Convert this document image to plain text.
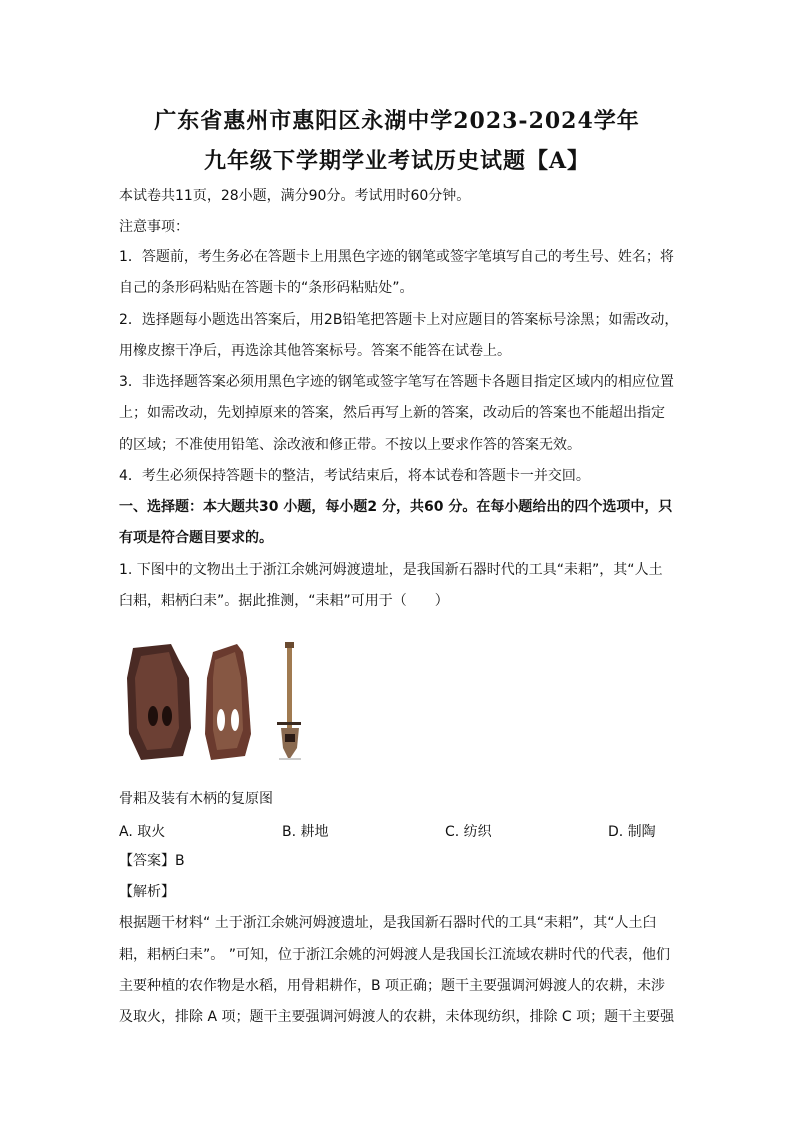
广东省惠州市惠阳区永湖中学2023-2024学年
九年级下学期学业考试历史试题【A】
本试卷共11页，28小题，满分90分。考试用时60分钟。
注意事项：
1．答题前，考生务必在答题卡上用黑色字迹的钢笔或签字笔填写自己的考生号、姓名；将
自己的条形码粘贴在答题卡的“条形码粘贴处”。
2．选择题每小题选出答案后，用2B铅笔把答题卡上对应题目的答案标号涂黑；如需改动，
用橡皮擦干净后，再选涂其他答案标号。答案不能答在试卷上。
3．非选择题答案必须用黑色字迹的钢笔或签字笔写在答题卡各题目指定区域内的相应位置
上；如需改动，先划掉原来的答案，然后再写上新的答案，改动后的答案也不能超出指定
的区域；不准使用铅笔、涂改液和修正带。不按以上要求作答的答案无效。
4．考生必须保持答题卡的整洁，考试结束后，将本试卷和答题卡一并交回。
一、选择题：本大题共30 小题，每小题2 分，共60 分。在每小题给出的四个选项中，只
有项是符合题目要求的。
1. 下图中的文物出土于浙江余姚河姆渡遗址，是我国新石器时代的工具“耒耜”，其“人土
臼耜，耜柄臼耒”。据此推测，“耒耜”可用于（　　）
骨耜及装有木柄的复原图
A. 取火	B. 耕地	C. 纺织	D. 制陶
【答案】B
【解析】
根据题干材料“ 土于浙江余姚河姆渡遗址，是我国新石器时代的工具“耒耜”，其“人土臼
耜，耜柄臼耒”。 ”可知，位于浙江余姚的河姆渡人是我国长江流域农耕时代的代表，他们
主要种植的农作物是水稻，用骨耜耕作，B 项正确；题干主要强调河姆渡人的农耕，未涉
及取火，排除 A 项；题干主要强调河姆渡人的农耕，未体现纺织，排除 C 项；题干主要强
